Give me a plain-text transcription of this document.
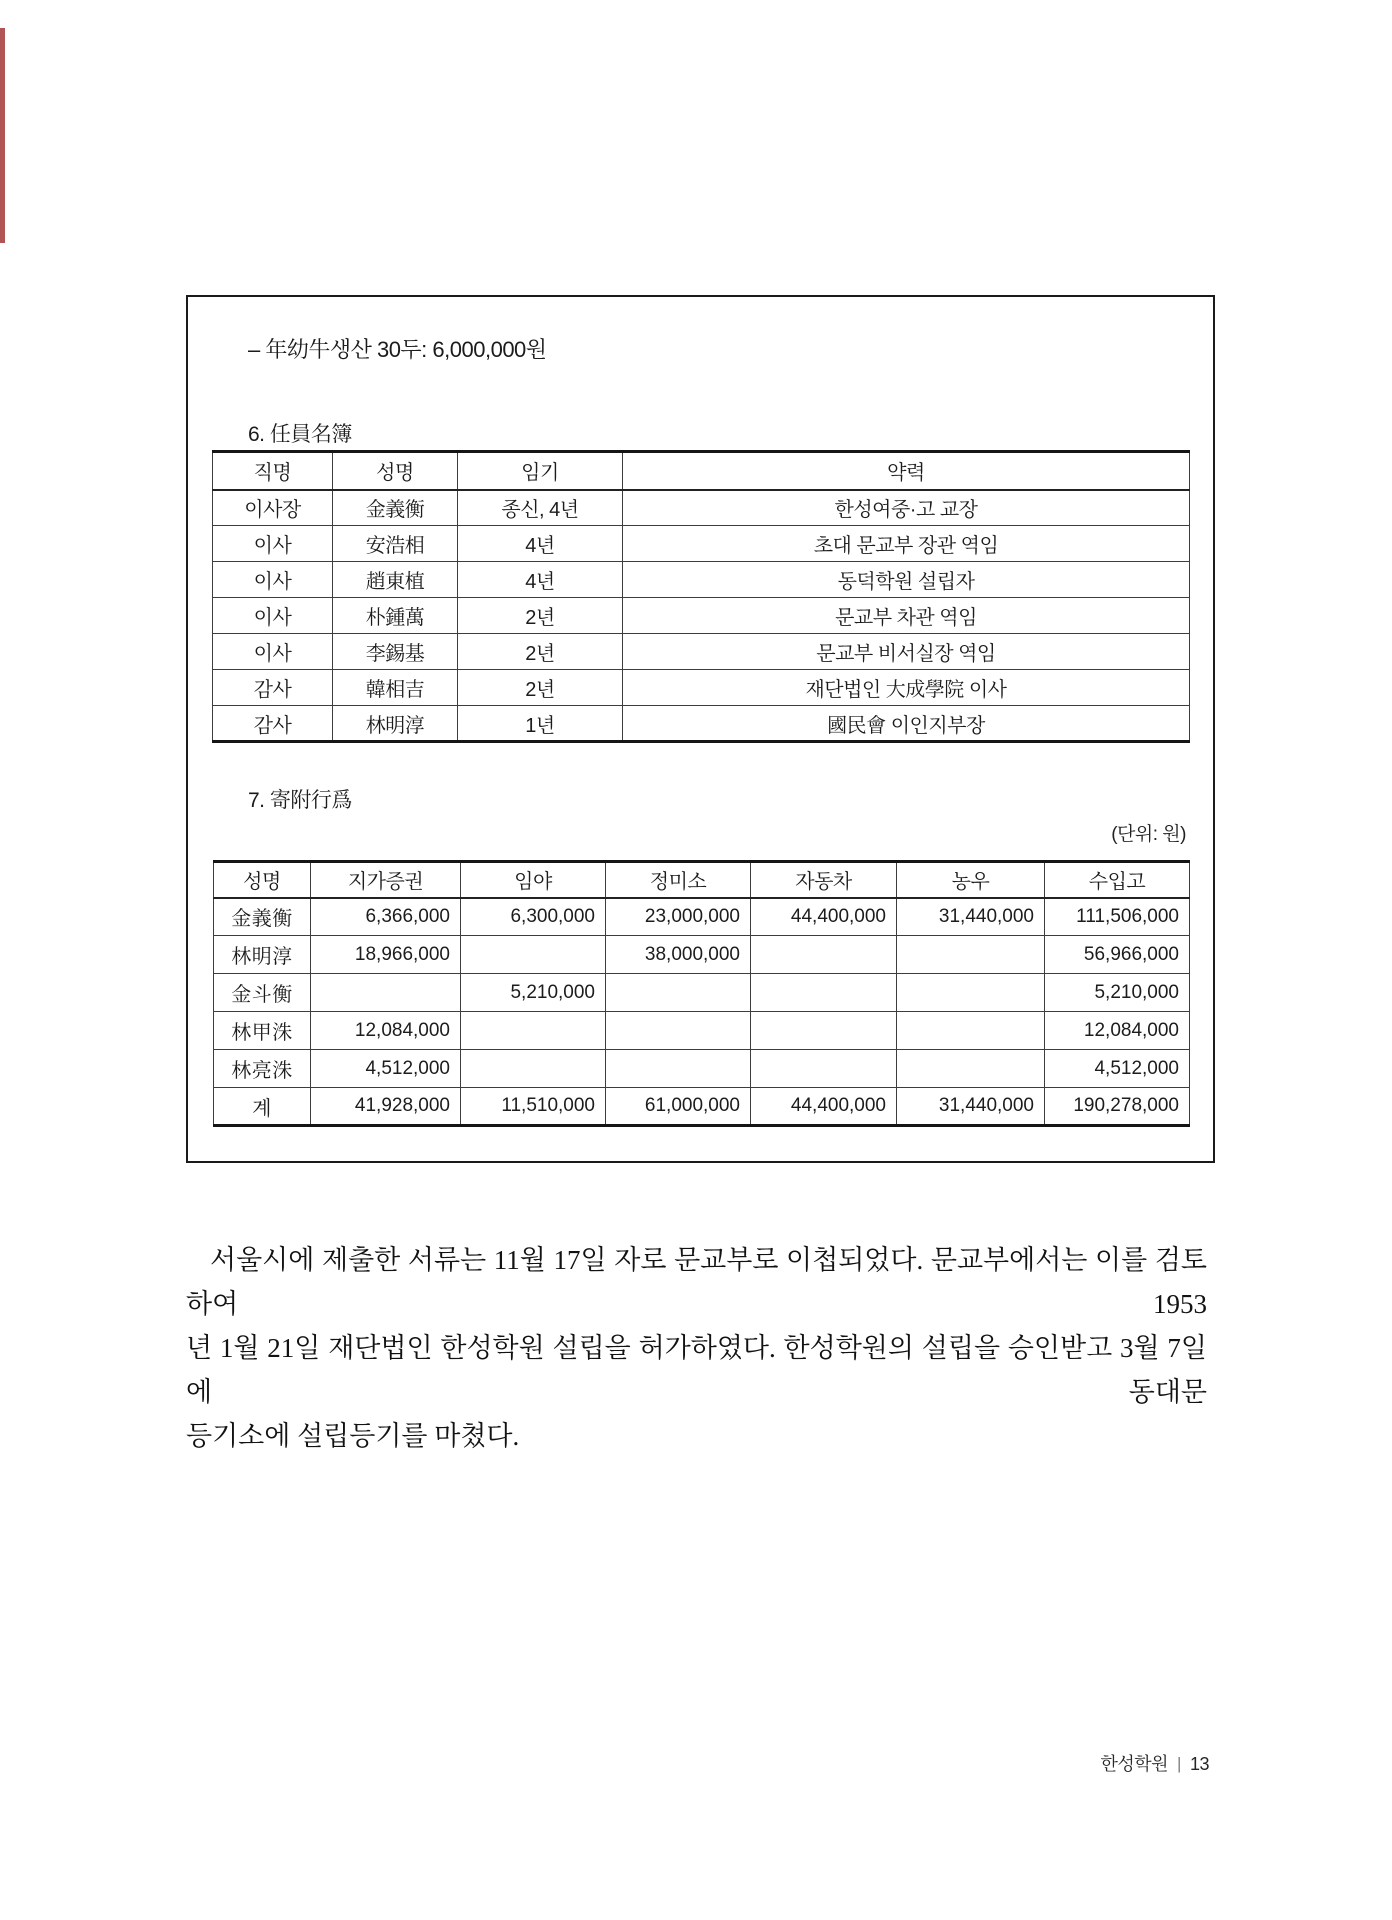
– 年幼牛생산 30두: 6,000,000원
6. 任員名簿
직명	성명	임기	약력
이사장	金義衡	종신, 4년	한성여중·고 교장
이사	安浩相	4년	초대 문교부 장관 역임
이사	趙東植	4년	동덕학원 설립자
이사	朴鍾萬	2년	문교부 차관 역임
이사	李錫基	2년	문교부 비서실장 역임
감사	韓相吉	2년	재단법인 大成學院 이사
감사	林明淳	1년	國民會 이인지부장
7. 寄附行爲
(단위: 원)
성명	지가증권	임야	정미소	자동차	농우	수입고
金義衡	6,366,000	6,300,000	23,000,000	44,400,000	31,440,000	111,506,000
林明淳	18,966,000		38,000,000			56,966,000
金斗衡		5,210,000				5,210,000
林甲洙	12,084,000					12,084,000
林亮洙	4,512,000					4,512,000
계	41,928,000	11,510,000	61,000,000	44,400,000	31,440,000	190,278,000
서울시에 제출한 서류는 11월 17일 자로 문교부로 이첩되었다. 문교부에서는 이를 검토하여 1953
년 1월 21일 재단법인 한성학원 설립을 허가하였다. 한성학원의 설립을 승인받고 3월 7일에 동대문
등기소에 설립등기를 마쳤다.
한성학원 | 13
